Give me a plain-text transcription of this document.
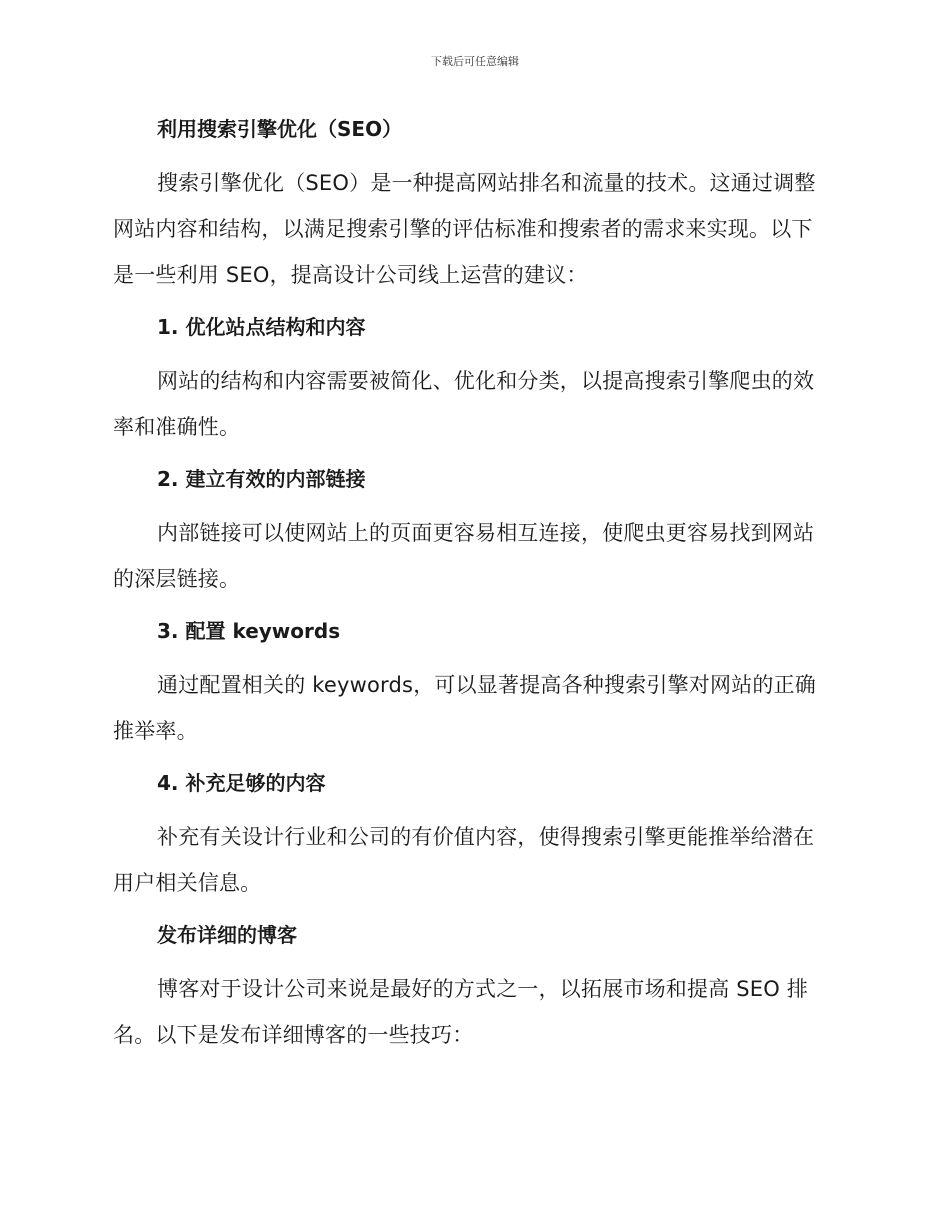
下载后可任意编辑
利用搜索引擎优化（SEO）

搜索引擎优化（SEO）是一种提高网站排名和流量的技术。这通过调整网站内容和结构，以满足搜索引擎的评估标准和搜索者的需求来实现。以下是一些利用 SEO，提高设计公司线上运营的建议：

1. 优化站点结构和内容

网站的结构和内容需要被简化、优化和分类，以提高搜索引擎爬虫的效率和准确性。

2. 建立有效的内部链接

内部链接可以使网站上的页面更容易相互连接，使爬虫更容易找到网站的深层链接。

3. 配置 keywords

通过配置相关的 keywords，可以显著提高各种搜索引擎对网站的正确推举率。

4. 补充足够的内容

补充有关设计行业和公司的有价值内容，使得搜索引擎更能推举给潜在用户相关信息。

发布详细的博客

博客对于设计公司来说是最好的方式之一，以拓展市场和提高 SEO 排名。以下是发布详细博客的一些技巧：
